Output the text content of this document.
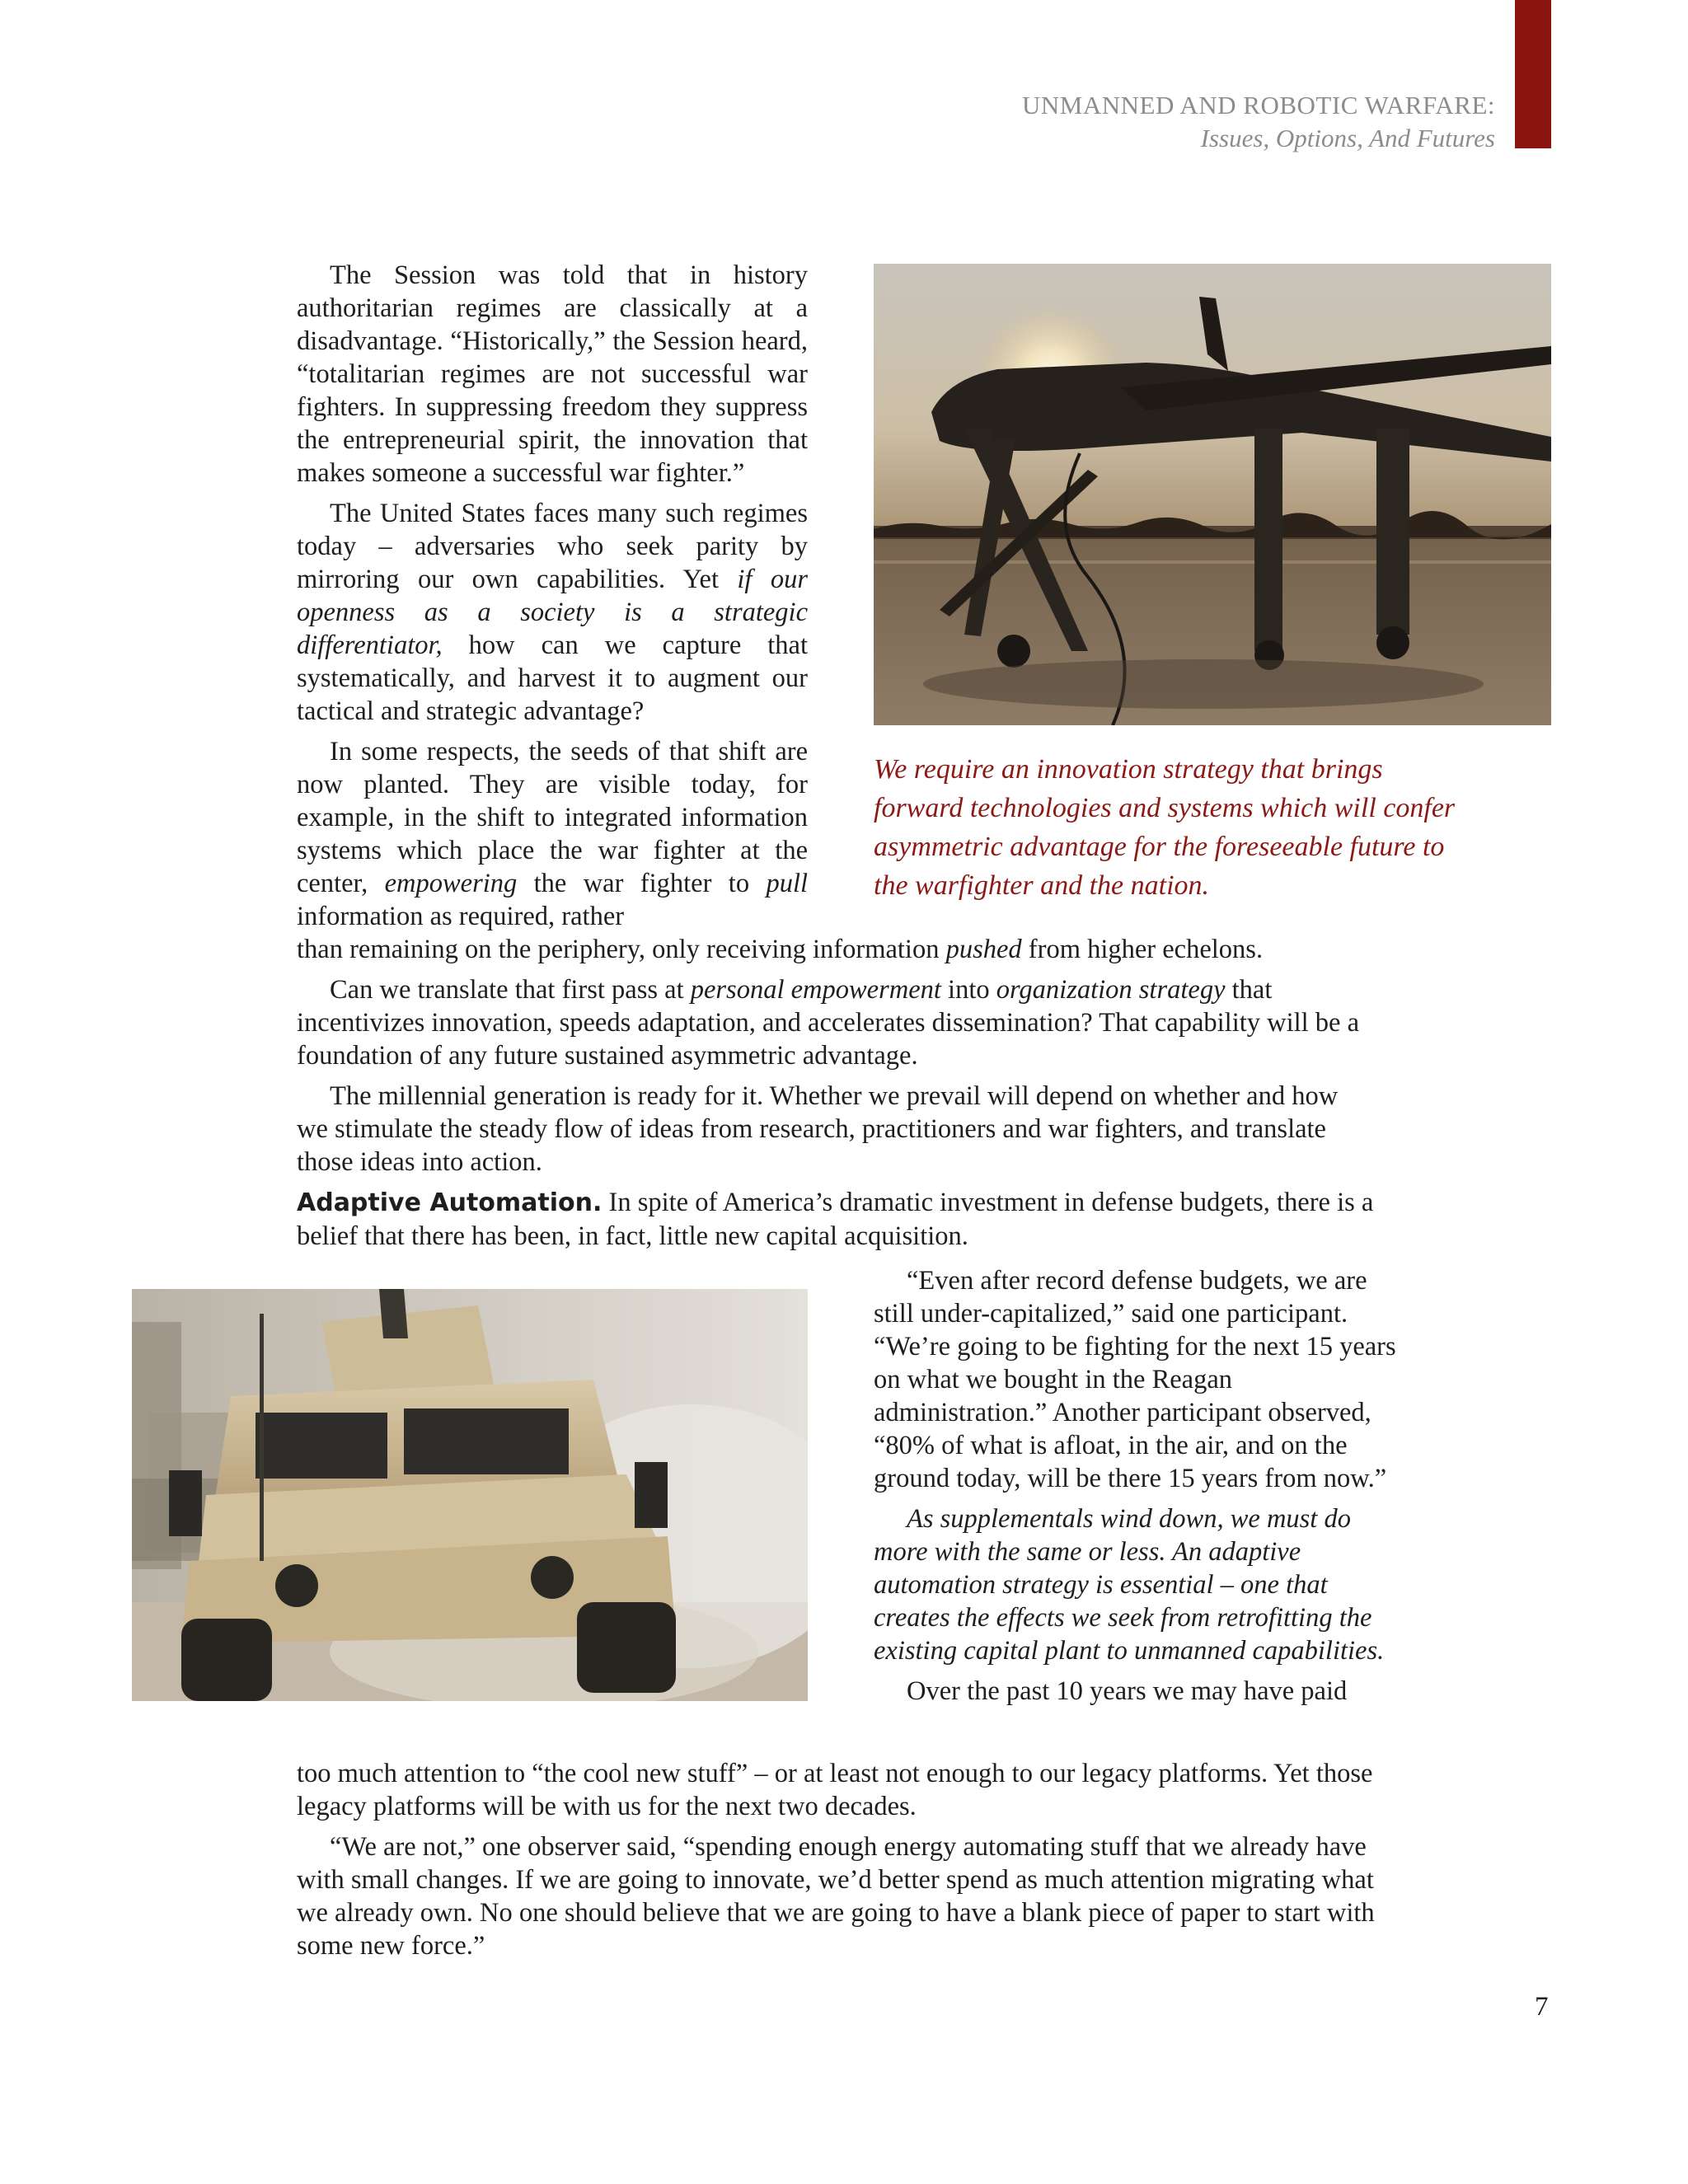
UNMANNED AND ROBOTIC WARFARE:
Issues, Options, And Futures

The Session was told that in history authoritarian regimes are classically at a disadvantage. “Historically,” the Session heard, “totalitarian regimes are not successful war fighters. In suppressing freedom they suppress the entrepreneurial spirit, the innovation that makes someone a successful war fighter.”

The United States faces many such regimes today – adversaries who seek parity by mirroring our own capabilities. Yet if our openness as a society is a strategic differentiator, how can we capture that systematically, and harvest it to augment our tactical and strategic advantage?

In some respects, the seeds of that shift are now planted. They are visible today, for example, in the shift to integrated information systems which place the war fighter at the center, empowering the war fighter to pull information as required, rather

We require an innovation strategy that brings forward technologies and systems which will confer asymmetric advantage for the foreseeable future to the warfighter and the nation.

than remaining on the periphery, only receiving information pushed from higher echelons.

Can we translate that first pass at personal empowerment into organization strategy that incentivizes innovation, speeds adaptation, and accelerates dissemination? That capability will be a foundation of any future sustained asymmetric advantage.

The millennial generation is ready for it. Whether we prevail will depend on whether and how we stimulate the steady flow of ideas from research, practitioners and war fighters, and translate those ideas into action.

Adaptive Automation. In spite of America’s dramatic investment in defense budgets, there is a belief that there has been, in fact, little new capital acquisition.

“Even after record defense budgets, we are still under-capitalized,” said one participant. “We’re going to be fighting for the next 15 years on what we bought in the Reagan administration.” Another participant observed, “80% of what is afloat, in the air, and on the ground today, will be there 15 years from now.”

As supplementals wind down, we must do more with the same or less. An adaptive automation strategy is essential – one that creates the effects we seek from retrofitting the existing capital plant to unmanned capabilities.

Over the past 10 years we may have paid

too much attention to “the cool new stuff” – or at least not enough to our legacy platforms. Yet those legacy platforms will be with us for the next two decades.

“We are not,” one observer said, “spending enough energy automating stuff that we already have with small changes. If we are going to innovate, we’d better spend as much attention migrating what we already own. No one should believe that we are going to have a blank piece of paper to start with some new force.”

7
